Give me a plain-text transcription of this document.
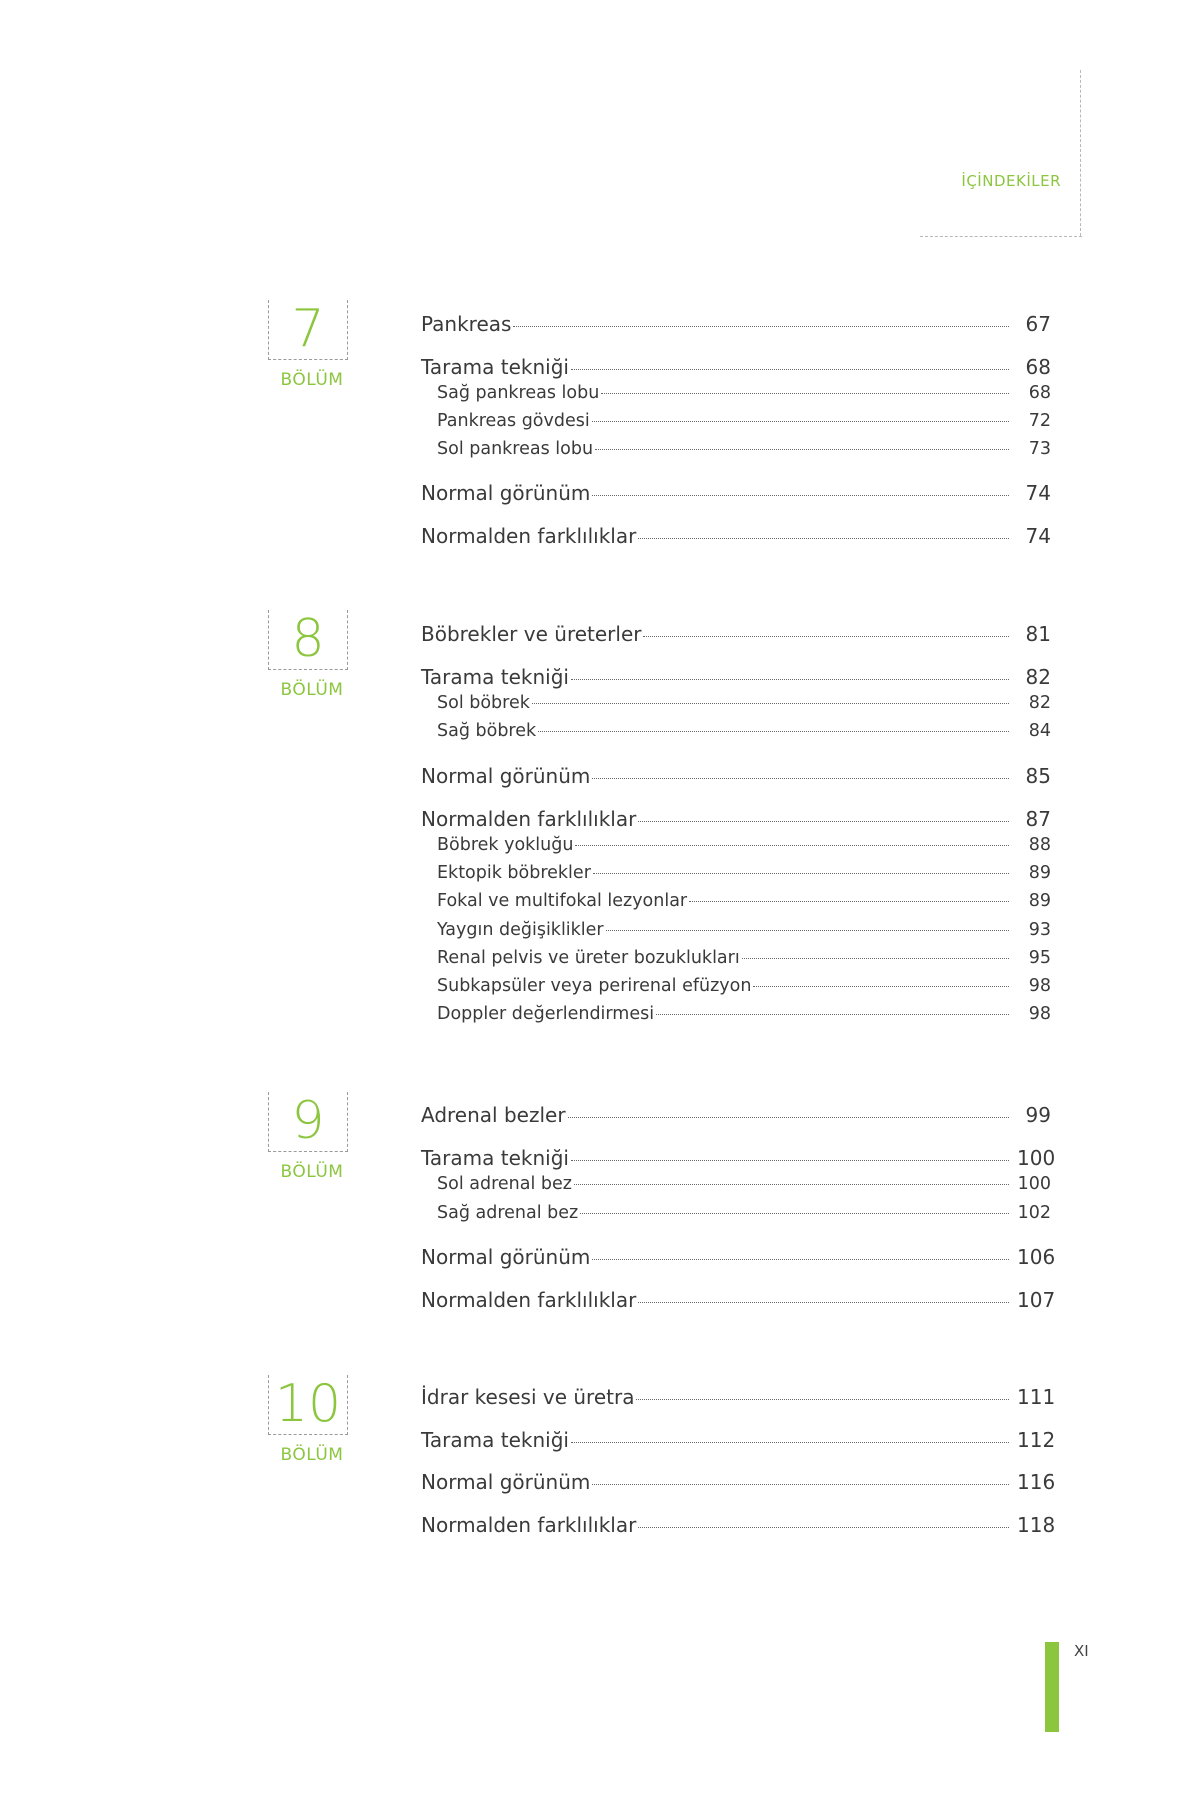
İÇİNDEKİLER
7
BÖLÜM
Pankreas	67
Tarama tekniği	68
Sağ pankreas lobu	68
Pankreas gövdesi	72
Sol pankreas lobu	73
Normal görünüm	74
Normalden farklılıklar	74
8
BÖLÜM
Böbrekler ve üreterler	81
Tarama tekniği	82
Sol böbrek	82
Sağ böbrek	84
Normal görünüm	85
Normalden farklılıklar	87
Böbrek yokluğu	88
Ektopik böbrekler	89
Fokal ve multifokal lezyonlar	89
Yaygın değişiklikler	93
Renal pelvis ve üreter bozuklukları	95
Subkapsüler veya perirenal efüzyon	98
Doppler değerlendirmesi	98
9
BÖLÜM
Adrenal bezler	99
Tarama tekniği	100
Sol adrenal bez	100
Sağ adrenal bez	102
Normal görünüm	106
Normalden farklılıklar	107
10
BÖLÜM
İdrar kesesi ve üretra	111
Tarama tekniği	112
Normal görünüm	116
Normalden farklılıklar	118
XI
